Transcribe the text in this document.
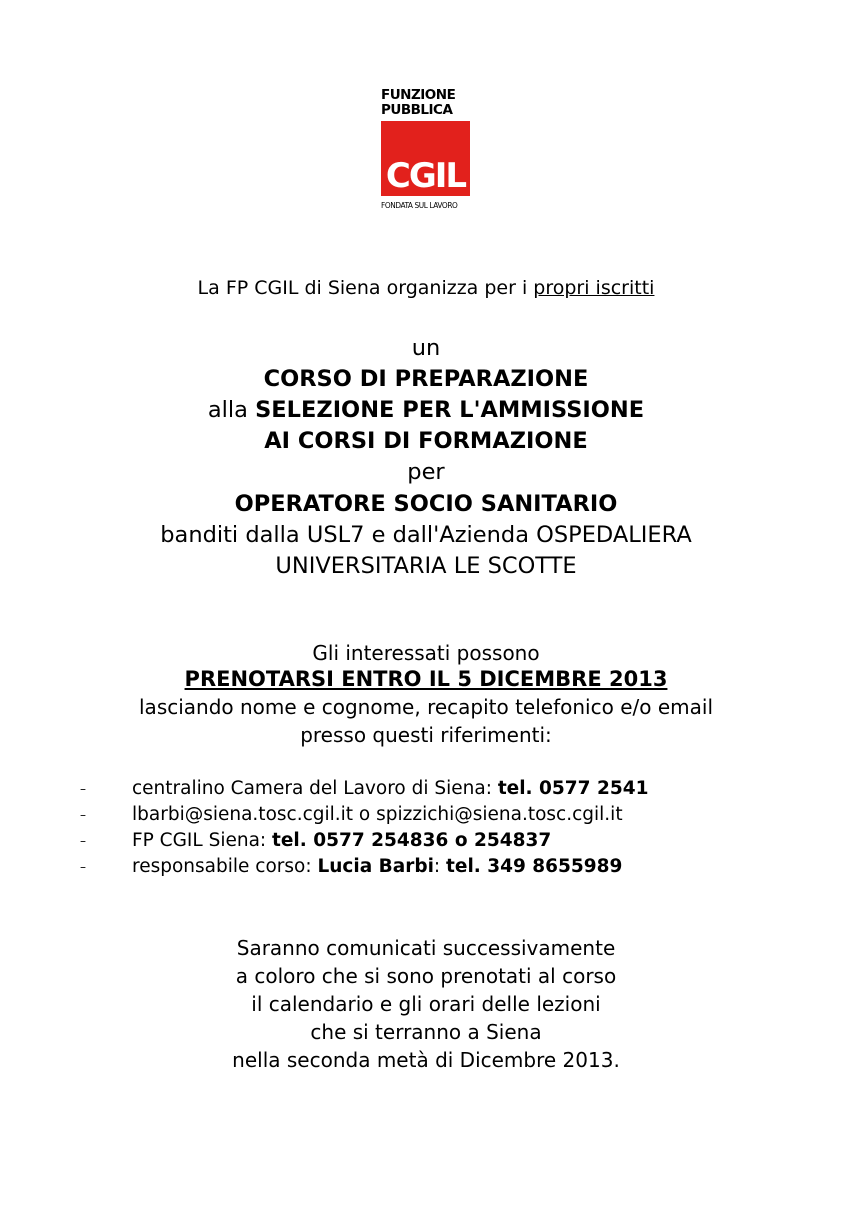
FUNZIONE
PUBBLICA
CGIL
FONDATA SUL LAVORO
La FP CGIL di Siena organizza per i propri iscritti
un
CORSO DI PREPARAZIONE
alla SELEZIONE PER L'AMMISSIONE
AI CORSI DI FORMAZIONE
per
OPERATORE SOCIO SANITARIO
banditi dalla USL7 e dall'Azienda OSPEDALIERA
UNIVERSITARIA LE SCOTTE
Gli interessati possono
PRENOTARSI ENTRO IL 5 DICEMBRE 2013
lasciando nome e cognome, recapito telefonico e/o email
presso questi riferimenti:
–	centralino Camera del Lavoro di Siena: tel. 0577 2541
–	lbarbi@siena.tosc.cgil.it o spizzichi@siena.tosc.cgil.it
–	FP CGIL Siena: tel. 0577 254836 o 254837
–	responsabile corso: Lucia Barbi: tel. 349 8655989
Saranno comunicati successivamente
a coloro che si sono prenotati al corso
il calendario e gli orari delle lezioni
che si terranno a Siena
nella seconda metà di Dicembre 2013.
